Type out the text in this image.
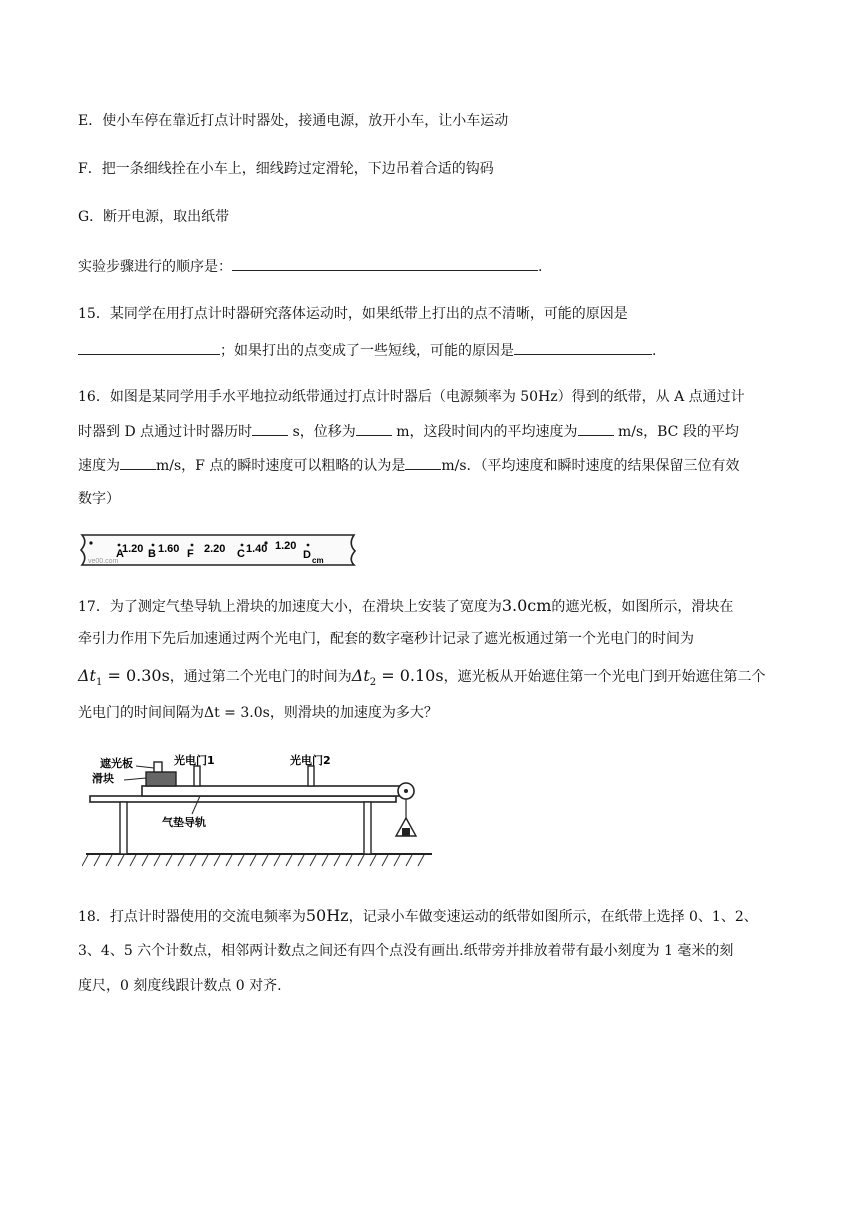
E．使小车停在靠近打点计时器处，接通电源，放开小车，让小车运动
F．把一条细线拴在小车上，细线跨过定滑轮，下边吊着合适的钩码
G．断开电源，取出纸带
实验步骤进行的顺序是：	.
15．某同学在用打点计时器研究落体运动时，如果纸带上打出的点不清晰，可能的原因是
；如果打出的点变成了一些短线，可能的原因是	.
16．如图是某同学用手水平地拉动纸带通过打点计时器后（电源频率为 50Hz）得到的纸带，从 A 点通过计
时器到 D 点通过计时器历时	s，位移为	m，这段时间内的平均速度为	m/s，BC 段的平均
速度为	m/s，F 点的瞬时速度可以粗略的认为是	m/s．（平均速度和瞬时速度的结果保留三位有效
数字）
A
1.20 B 1.60 F 2.20 C 1.40 1.20
D cm
ve00.com
17．为了测定气垫导轨上滑块的加速度大小，在滑块上安装了宽度为3.0cm的遮光板，如图所示，滑块在
牵引力作用下先后加速通过两个光电门，配套的数字毫秒计记录了遮光板通过第一个光电门的时间为
$\Delta t_1 = 0.30s$，通过第二个光电门的时间为$\Delta t_2 = 0.10s$，遮光板从开始遮住第一个光电门到开始遮住第二个
光电门的时间间隔为Δt = 3.0s，则滑块的加速度为多大？
遮光板
滑块
光电门1	光电门2
气垫导轨
18．打点计时器使用的交流电频率为50Hz，记录小车做变速运动的纸带如图所示，在纸带上选择 0、1、2、
3、4、5 六个计数点，相邻两计数点之间还有四个点没有画出.纸带旁并排放着带有最小刻度为 1 毫米的刻
度尺，0 刻度线跟计数点 0 对齐.
